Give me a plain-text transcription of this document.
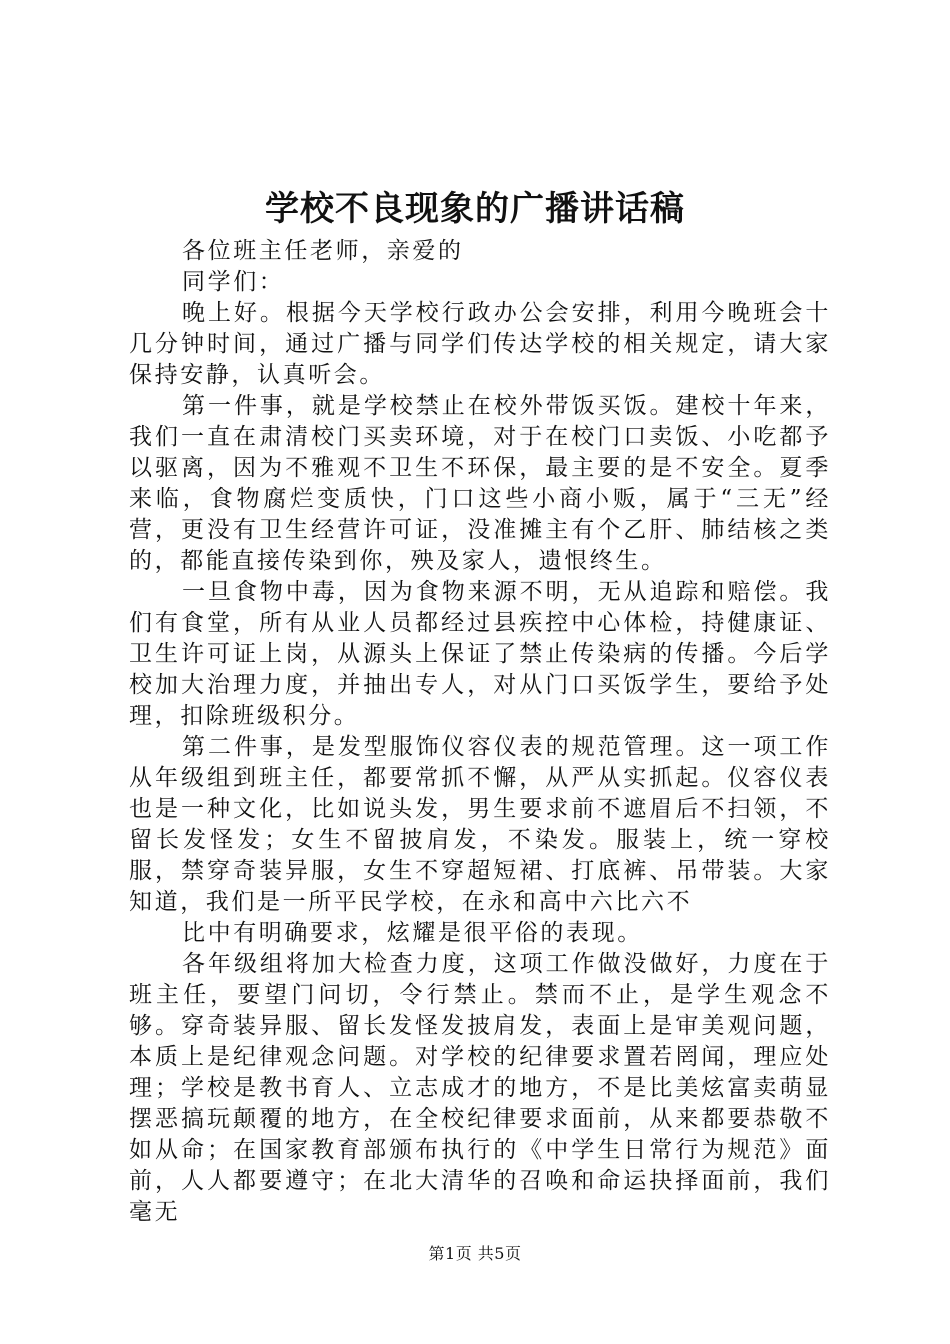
学校不良现象的广播讲话稿

各位班主任老师，亲爱的

同学们：

晚上好。根据今天学校行政办公会安排，利用今晚班会十几分钟时间，通过广播与同学们传达学校的相关规定，请大家保持安静，认真听会。

第一件事，就是学校禁止在校外带饭买饭。建校十年来，我们一直在肃清校门买卖环境，对于在校门口卖饭、小吃都予以驱离，因为不雅观不卫生不环保，最主要的是不安全。夏季来临，食物腐烂变质快，门口这些小商小贩，属于“三无”经营，更没有卫生经营许可证，没准摊主有个乙肝、肺结核之类的，都能直接传染到你，殃及家人，遗恨终生。

一旦食物中毒，因为食物来源不明，无从追踪和赔偿。我们有食堂，所有从业人员都经过县疾控中心体检，持健康证、卫生许可证上岗，从源头上保证了禁止传染病的传播。今后学校加大治理力度，并抽出专人，对从门口买饭学生，要给予处理，扣除班级积分。

第二件事，是发型服饰仪容仪表的规范管理。这一项工作从年级组到班主任，都要常抓不懈，从严从实抓起。仪容仪表也是一种文化，比如说头发，男生要求前不遮眉后不扫领，不留长发怪发；女生不留披肩发，不染发。服装上，统一穿校服，禁穿奇装异服，女生不穿超短裙、打底裤、吊带装。大家知道，我们是一所平民学校，在永和高中六比六不

比中有明确要求，炫耀是很平俗的表现。

各年级组将加大检查力度，这项工作做没做好，力度在于班主任，要望门问切，令行禁止。禁而不止，是学生观念不够。穿奇装异服、留长发怪发披肩发，表面上是审美观问题，本质上是纪律观念问题。对学校的纪律要求置若罔闻，理应处理；学校是教书育人、立志成才的地方，不是比美炫富卖萌显摆恶搞玩颠覆的地方，在全校纪律要求面前，从来都要恭敬不如从命；在国家教育部颁布执行的《中学生日常行为规范》面前，人人都要遵守；在北大清华的召唤和命运抉择面前，我们毫无

第1页 共5页
